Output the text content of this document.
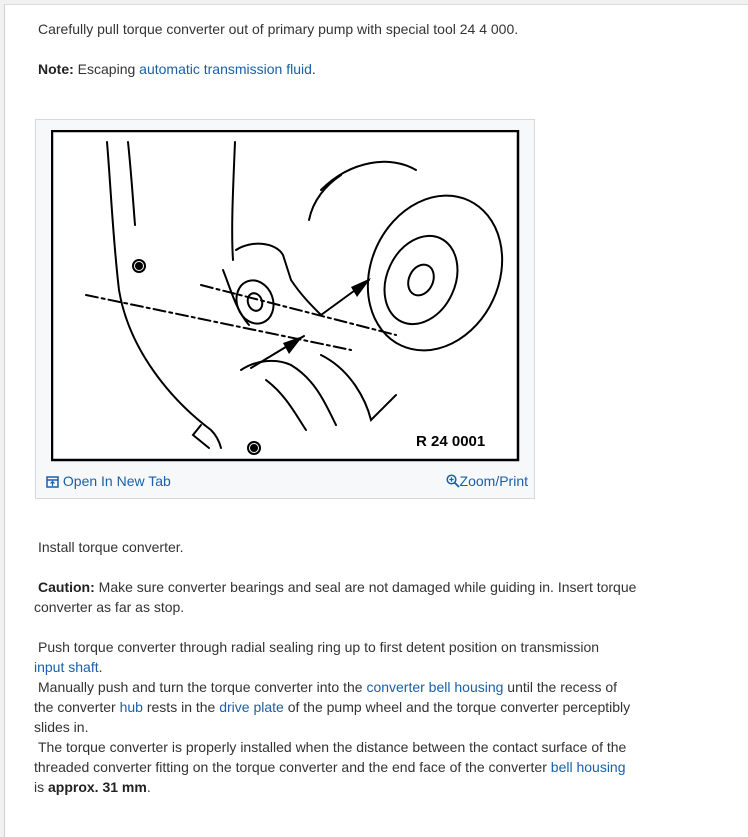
Carefully pull torque converter out of primary pump with special tool 24 4 000.

Note: Escaping automatic transmission fluid.

R 24 0001
Open In New Tab	Zoom/Print

Install torque converter.

Caution: Make sure converter bearings and seal are not damaged while guiding in. Insert torque

converter as far as stop.

Push torque converter through radial sealing ring up to first detent position on transmission

input shaft.

Manually push and turn the torque converter into the converter bell housing until the recess of

the converter hub rests in the drive plate of the pump wheel and the torque converter perceptibly

slides in.

The torque converter is properly installed when the distance between the contact surface of the

threaded converter fitting on the torque converter and the end face of the converter bell housing

is approx. 31 mm.
